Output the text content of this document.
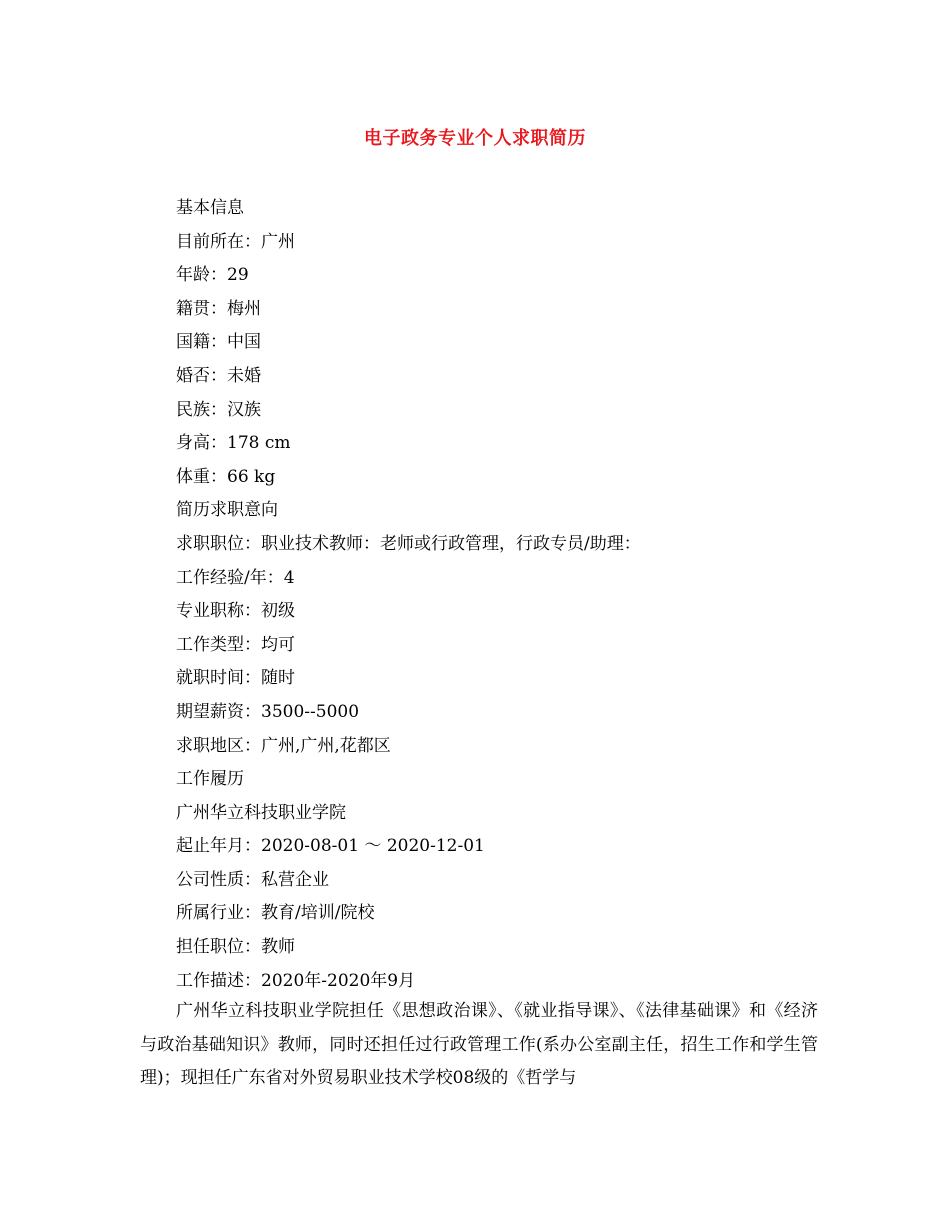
电子政务专业个人求职简历
基本信息
目前所在：广州
年龄：29
籍贯：梅州
国籍：中国
婚否：未婚
民族：汉族
身高：178 cm
体重：66 kg
简历求职意向
求职职位：职业技术教师：老师或行政管理，行政专员/助理：
工作经验/年：4
专业职称：初级
工作类型：均可
就职时间：随时
期望薪资：3500--5000
求职地区：广州,广州,花都区
工作履历
广州华立科技职业学院
起止年月：2020-08-01 ～ 2020-12-01
公司性质：私营企业
所属行业：教育/培训/院校
担任职位：教师
工作描述：2020年-2020年9月

广州华立科技职业学院担任《思想政治课》、《就业指导课》、《法律基础课》和《经济与政治基础知识》教师，同时还担任过行政管理工作(系办公室副主任，招生工作和学生管理)；现担任广东省对外贸易职业技术学校08级的《哲学与
